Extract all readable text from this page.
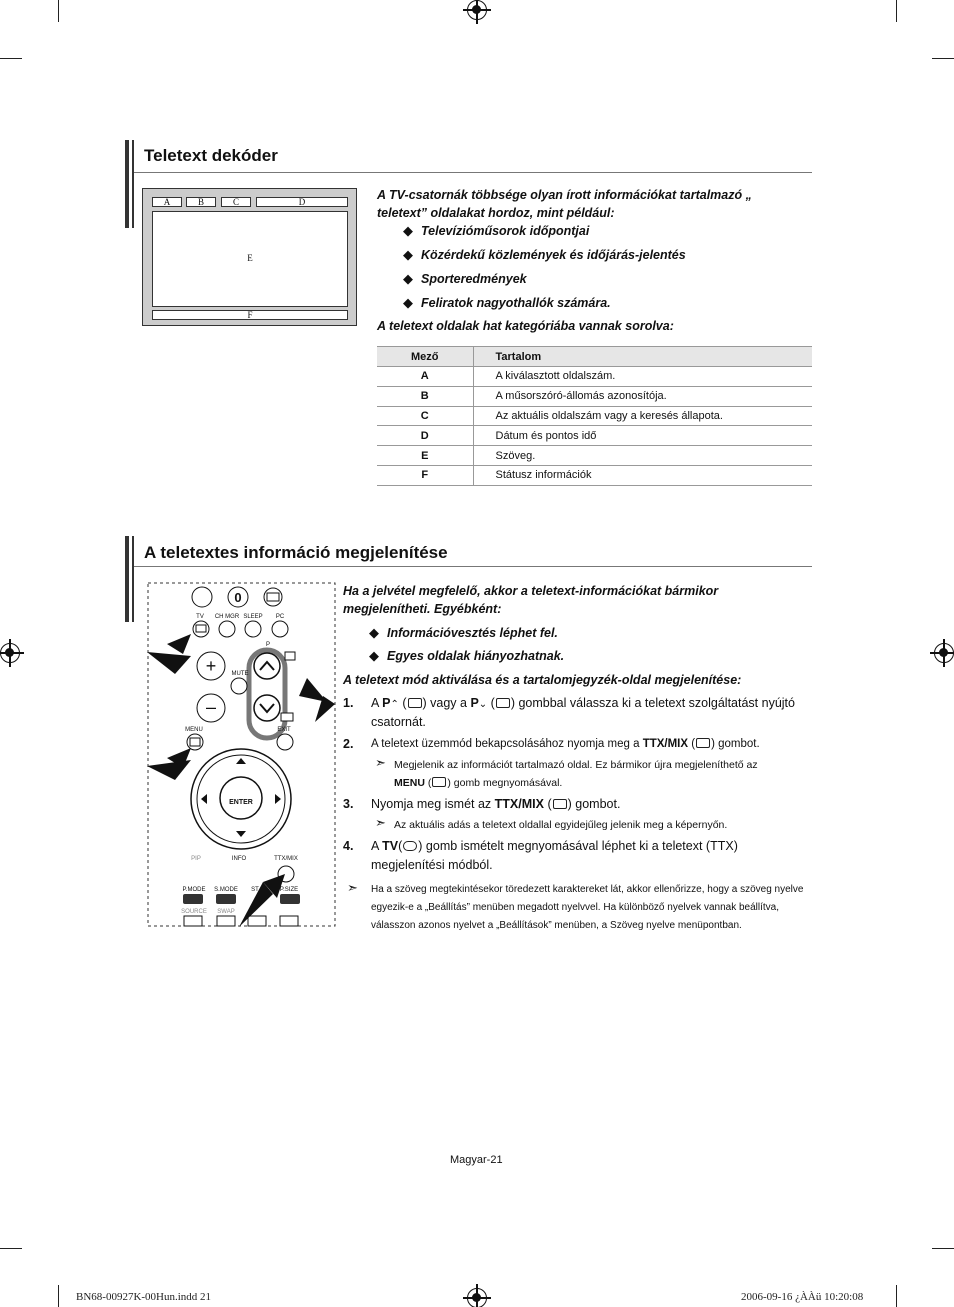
Teletext dekóder
A	B	C	D
E
F
A TV-csatornák többsége olyan írott információkat tartalmazó „ teletext” oldalakat hordoz, mint például:
◆ Televízióműsorok időpontjai
◆ Közérdekű közlemények és időjárás-jelentés
◆ Sporteredmények
◆ Feliratok nagyothallók számára.
A teletext oldalak hat kategóriába vannak sorolva:
Mező	Tartalom
A	A kiválasztott oldalszám.
B	A műsorszóró-állomás azonosítója.
C	Az aktuális oldalszám vagy a keresés állapota.
D	Dátum és pontos idő
E	Szöveg.
F	Státusz információk
A teletextes információ megjelenítése
0
TV CH MGR SLEEP PC
+
–
P
MUTE
MENU	EXIT
ENTER
PIP	INFO	TTX/MIX
P.MODE S.MODE ST	P.SIZE
SOURCE SWAP
Ha a jelvétel megfelelő, akkor a teletext-információkat bármikor megjelenítheti. Egyébként:
◆ Információvesztés léphet fel.
◆ Egyes oldalak hiányozhatnak.
A teletext mód aktiválása és a tartalomjegyzék-oldal megjelenítése:
1. A P⌃ ( ) vagy a P⌄ ( ) gombbal válassza ki a teletext szolgáltatást nyújtó
csatornát.
2. A teletext üzemmód bekapcsolásához nyomja meg a TTX/MIX ( ) gombot.
➣ Megjelenik az információt tartalmazó oldal. Ez bármikor újra megjeleníthető az
MENU ( ) gomb megnyomásával.
3. Nyomja meg ismét az TTX/MIX ( ) gombot.
➣ Az aktuális adás a teletext oldallal egyidejűleg jelenik meg a képernyőn.
4. A TV( ) gomb ismételt megnyomásával léphet ki a teletext (TTX)
megjelenítési módból.
➣ Ha a szöveg megtekintésekor töredezett karaktereket lát, akkor ellenőrizze, hogy a szöveg nyelve
egyezik-e a „Beállítás” menüben megadott nyelvvel. Ha különböző nyelvek vannak beállítva,
válasszon azonos nyelvet a „Beállítások” menüben, a Szöveg nyelve menüpontban.
Magyar-21
BN68-00927K-00Hun.indd 21	2006-09-16 ¿ÀÀü 10:20:08
